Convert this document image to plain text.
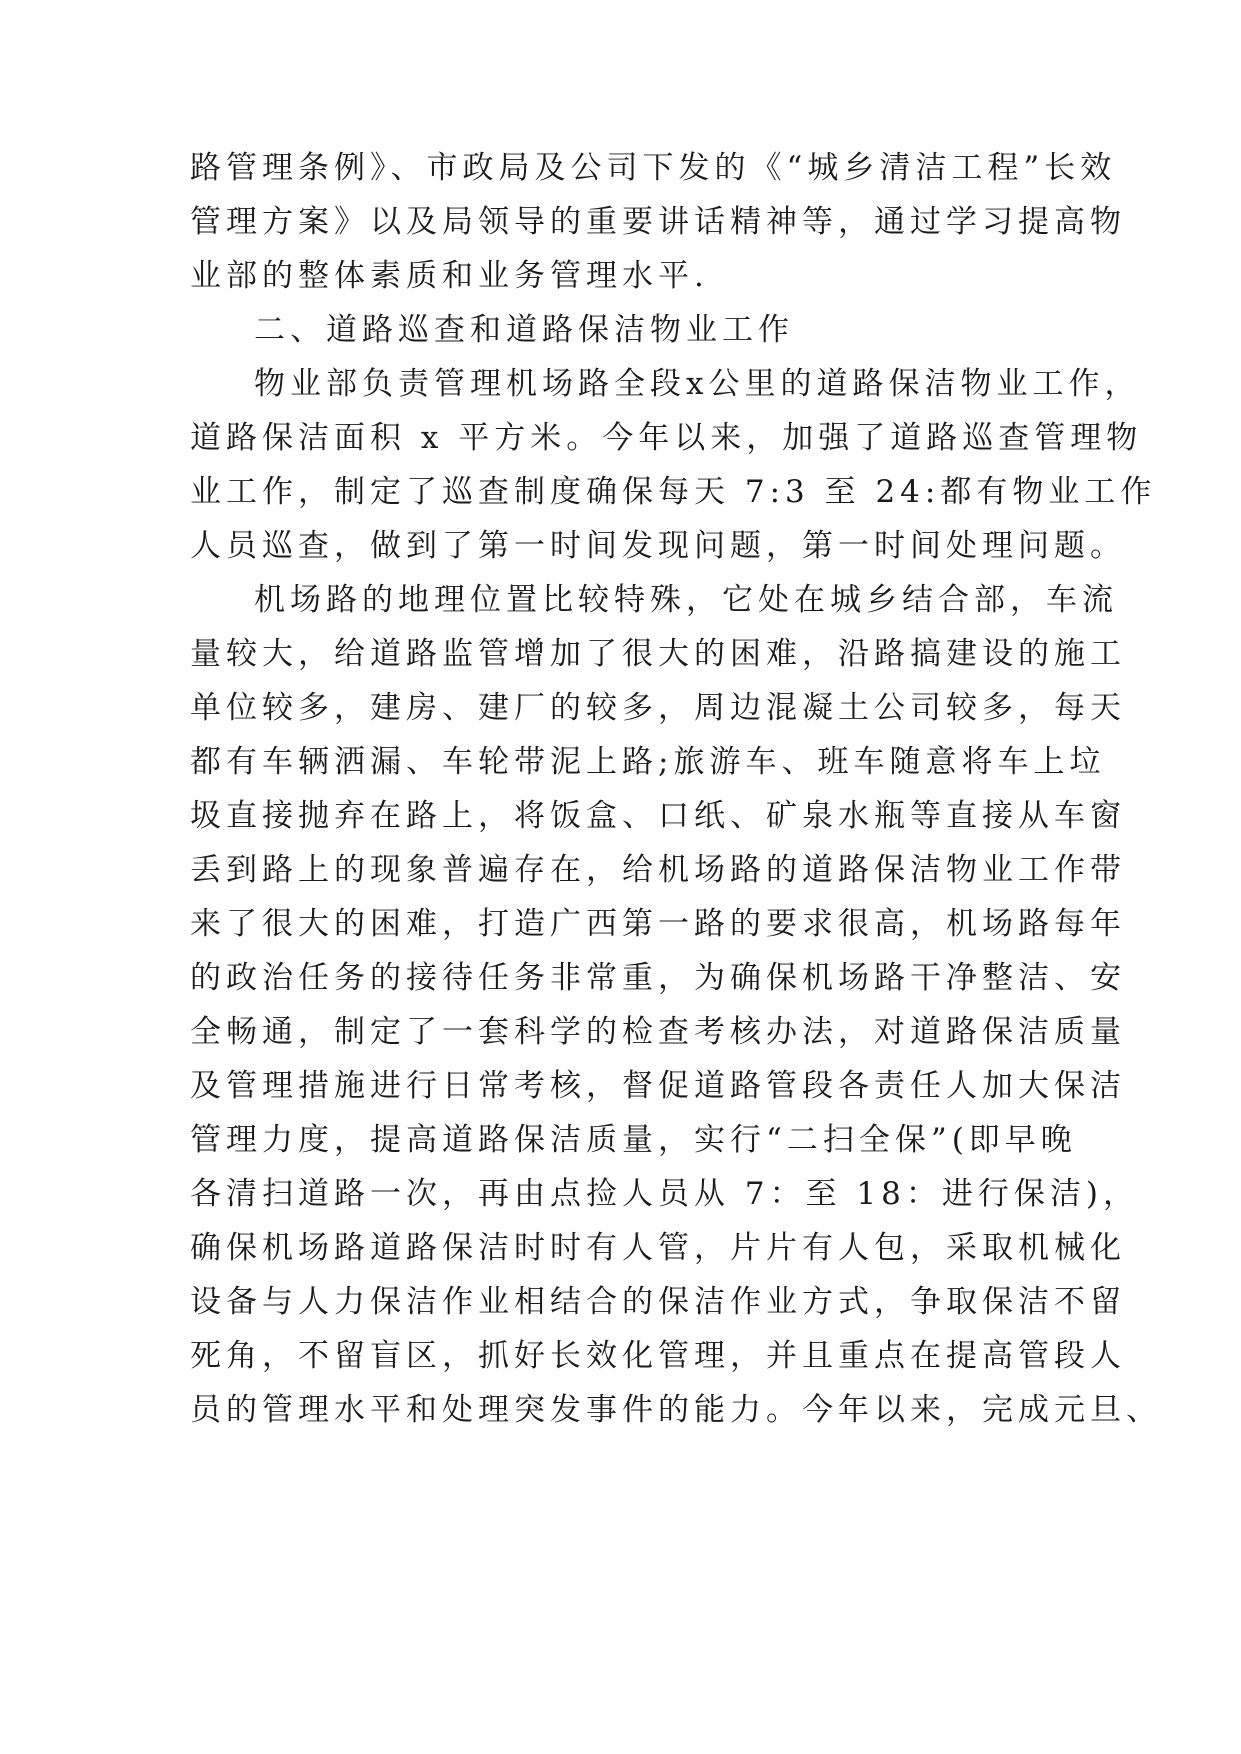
路管理条例》、市政局及公司下发的《“城乡清洁工程”长效
管理方案》以及局领导的重要讲话精神等，通过学习提高物
业部的整体素质和业务管理水平.
二、道路巡查和道路保洁物业工作
物业部负责管理机场路全段x公里的道路保洁物业工作，
道路保洁面积 x 平方米。今年以来，加强了道路巡查管理物
业工作，制定了巡查制度确保每天 7:3 至 24:都有物业工作
人员巡查，做到了第一时间发现问题，第一时间处理问题。
机场路的地理位置比较特殊，它处在城乡结合部，车流
量较大，给道路监管增加了很大的困难，沿路搞建设的施工
单位较多，建房、建厂的较多，周边混凝土公司较多，每天
都有车辆洒漏、车轮带泥上路;旅游车、班车随意将车上垃
圾直接抛弃在路上，将饭盒、口纸、矿泉水瓶等直接从车窗
丢到路上的现象普遍存在，给机场路的道路保洁物业工作带
来了很大的困难，打造广西第一路的要求很高，机场路每年
的政治任务的接待任务非常重，为确保机场路干净整洁、安
全畅通，制定了一套科学的检查考核办法，对道路保洁质量
及管理措施进行日常考核，督促道路管段各责任人加大保洁
管理力度，提高道路保洁质量，实行“二扫全保”(即早晚
各清扫道路一次，再由点捡人员从 7：至 18：进行保洁)，
确保机场路道路保洁时时有人管，片片有人包，采取机械化
设备与人力保洁作业相结合的保洁作业方式，争取保洁不留
死角，不留盲区，抓好长效化管理，并且重点在提高管段人
员的管理水平和处理突发事件的能力。今年以来，完成元旦、
